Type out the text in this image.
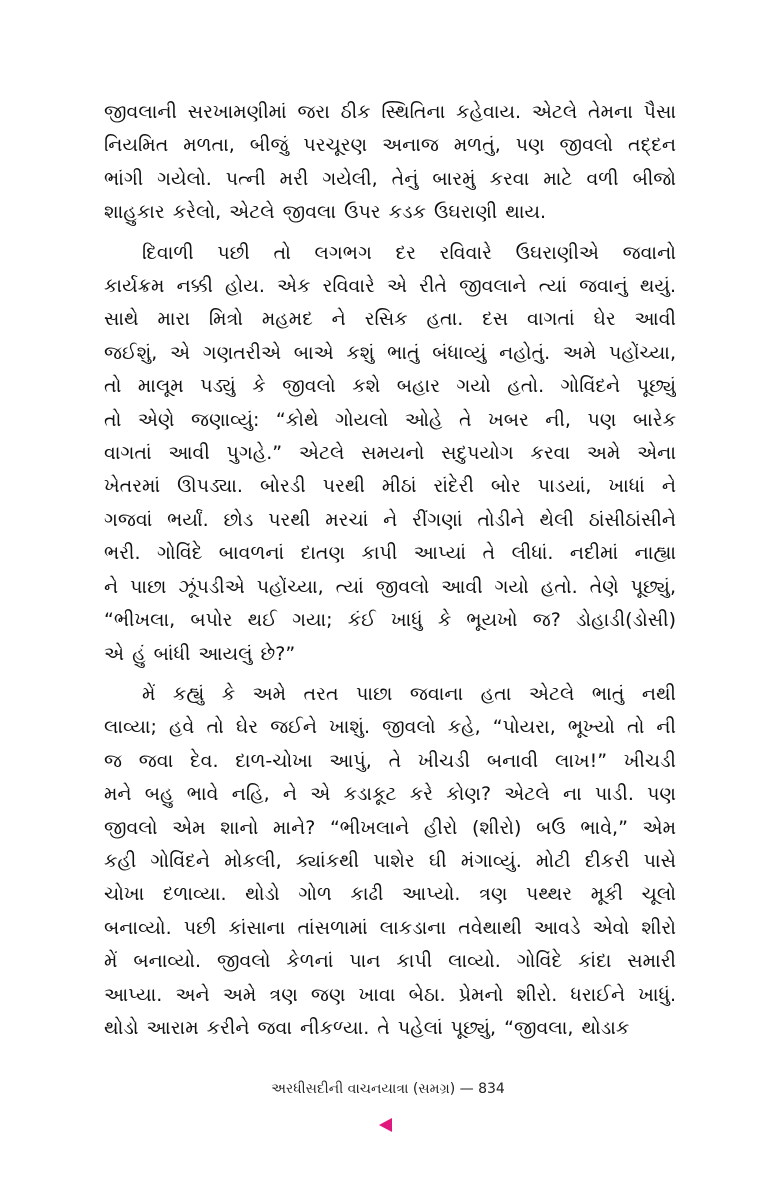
જીવલાની સરખામણીમાં જરા ઠીક સ્થિતિના કહેવાય. એટલે તેમના પૈસા
નિયમિત મળતા, બીજું પરચૂરણ અનાજ મળતું, પણ જીવલો તદ્દન
ભાંગી ગયેલો. પત્ની મરી ગયેલી, તેનું બારમું કરવા માટે વળી બીજો
શાહુકાર કરેલો, એટલે જીવલા ઉપર કડક ઉઘરાણી થાય.

દિવાળી પછી તો લગભગ દર રવિવારે ઉઘરાણીએ જવાનો
કાર્યક્રમ નક્કી હોય. એક રવિવારે એ રીતે જીવલાને ત્યાં જવાનું થયું.
સાથે મારા મિત્રો મહમદ ને રસિક હતા. દસ વાગતાં ઘેર આવી
જઈશું, એ ગણતરીએ બાએ કશું ભાતું બંધાવ્યું નહોતું. અમે પહોંચ્યા,
તો માલૂમ પડ્યું કે જીવલો કશે બહાર ગયો હતો. ગોવિંદને પૂછ્યું
તો એણે જણાવ્યું: “કોથે ગોયલો ઓહે તે ખબર ની, પણ બારેક
વાગતાં આવી પુગહે.” એટલે સમયનો સદુપયોગ કરવા અમે એના
ખેતરમાં ઊપડ્યા. બોરડી પરથી મીઠાં રાંદેરી બોર પાડયાં, ખાધાં ને
ગજવાં ભર્યાં. છોડ પરથી મરચાં ને રીંગણાં તોડીને થેલી ઠાંસીઠાંસીને
ભરી. ગોવિંદે બાવળનાં દાતણ કાપી આપ્યાં તે લીધાં. નદીમાં નાહ્યા
ને પાછા ઝૂંપડીએ પહોંચ્યા, ત્યાં જીવલો આવી ગયો હતો. તેણે પૂછ્યું,
“ભીખલા, બપોર થઈ ગયા; કંઈ ખાધું કે ભૂયખો જ? ડોહાડી(ડોસી)
એ હું બાંધી આયલું છે?”

મેં કહ્યું કે અમે તરત પાછા જવાના હતા એટલે ભાતું નથી
લાવ્યા; હવે તો ઘેર જઈને ખાશું. જીવલો કહે, “પોયરા, ભૂખ્યો તો ની
જ જવા દેવ. દાળ-ચોખા આપું, તે ખીચડી બનાવી લાખ!” ખીચડી
મને બહુ ભાવે નહિ, ને એ કડાકૂટ કરે કોણ? એટલે ના પાડી. પણ
જીવલો એમ શાનો માને? “ભીખલાને હીરો (શીરો) બઉ ભાવે,” એમ
કહી ગોવિંદને મોકલી, ક્યાંકથી પાશેર ઘી મંગાવ્યું. મોટી દીકરી પાસે
ચોખા દળાવ્યા. થોડો ગોળ કાઢી આપ્યો. ત્રણ પથ્થર મૂકી ચૂલો
બનાવ્યો. પછી કાંસાના તાંસળામાં લાકડાના તવેથાથી આવડે એવો શીરો
મેં બનાવ્યો. જીવલો કેળનાં પાન કાપી લાવ્યો. ગોવિંદે કાંદા સમારી
આપ્યા. અને અમે ત્રણ જણ ખાવા બેઠા. પ્રેમનો શીરો. ધરાઈને ખાધું.
થોડો આરામ કરીને જવા નીકળ્યા. તે પહેલાં પૂછ્યું, “જીવલા, થોડાક

અરધીસદીની વાચનયાત્રા (સમગ્ર) — 834
